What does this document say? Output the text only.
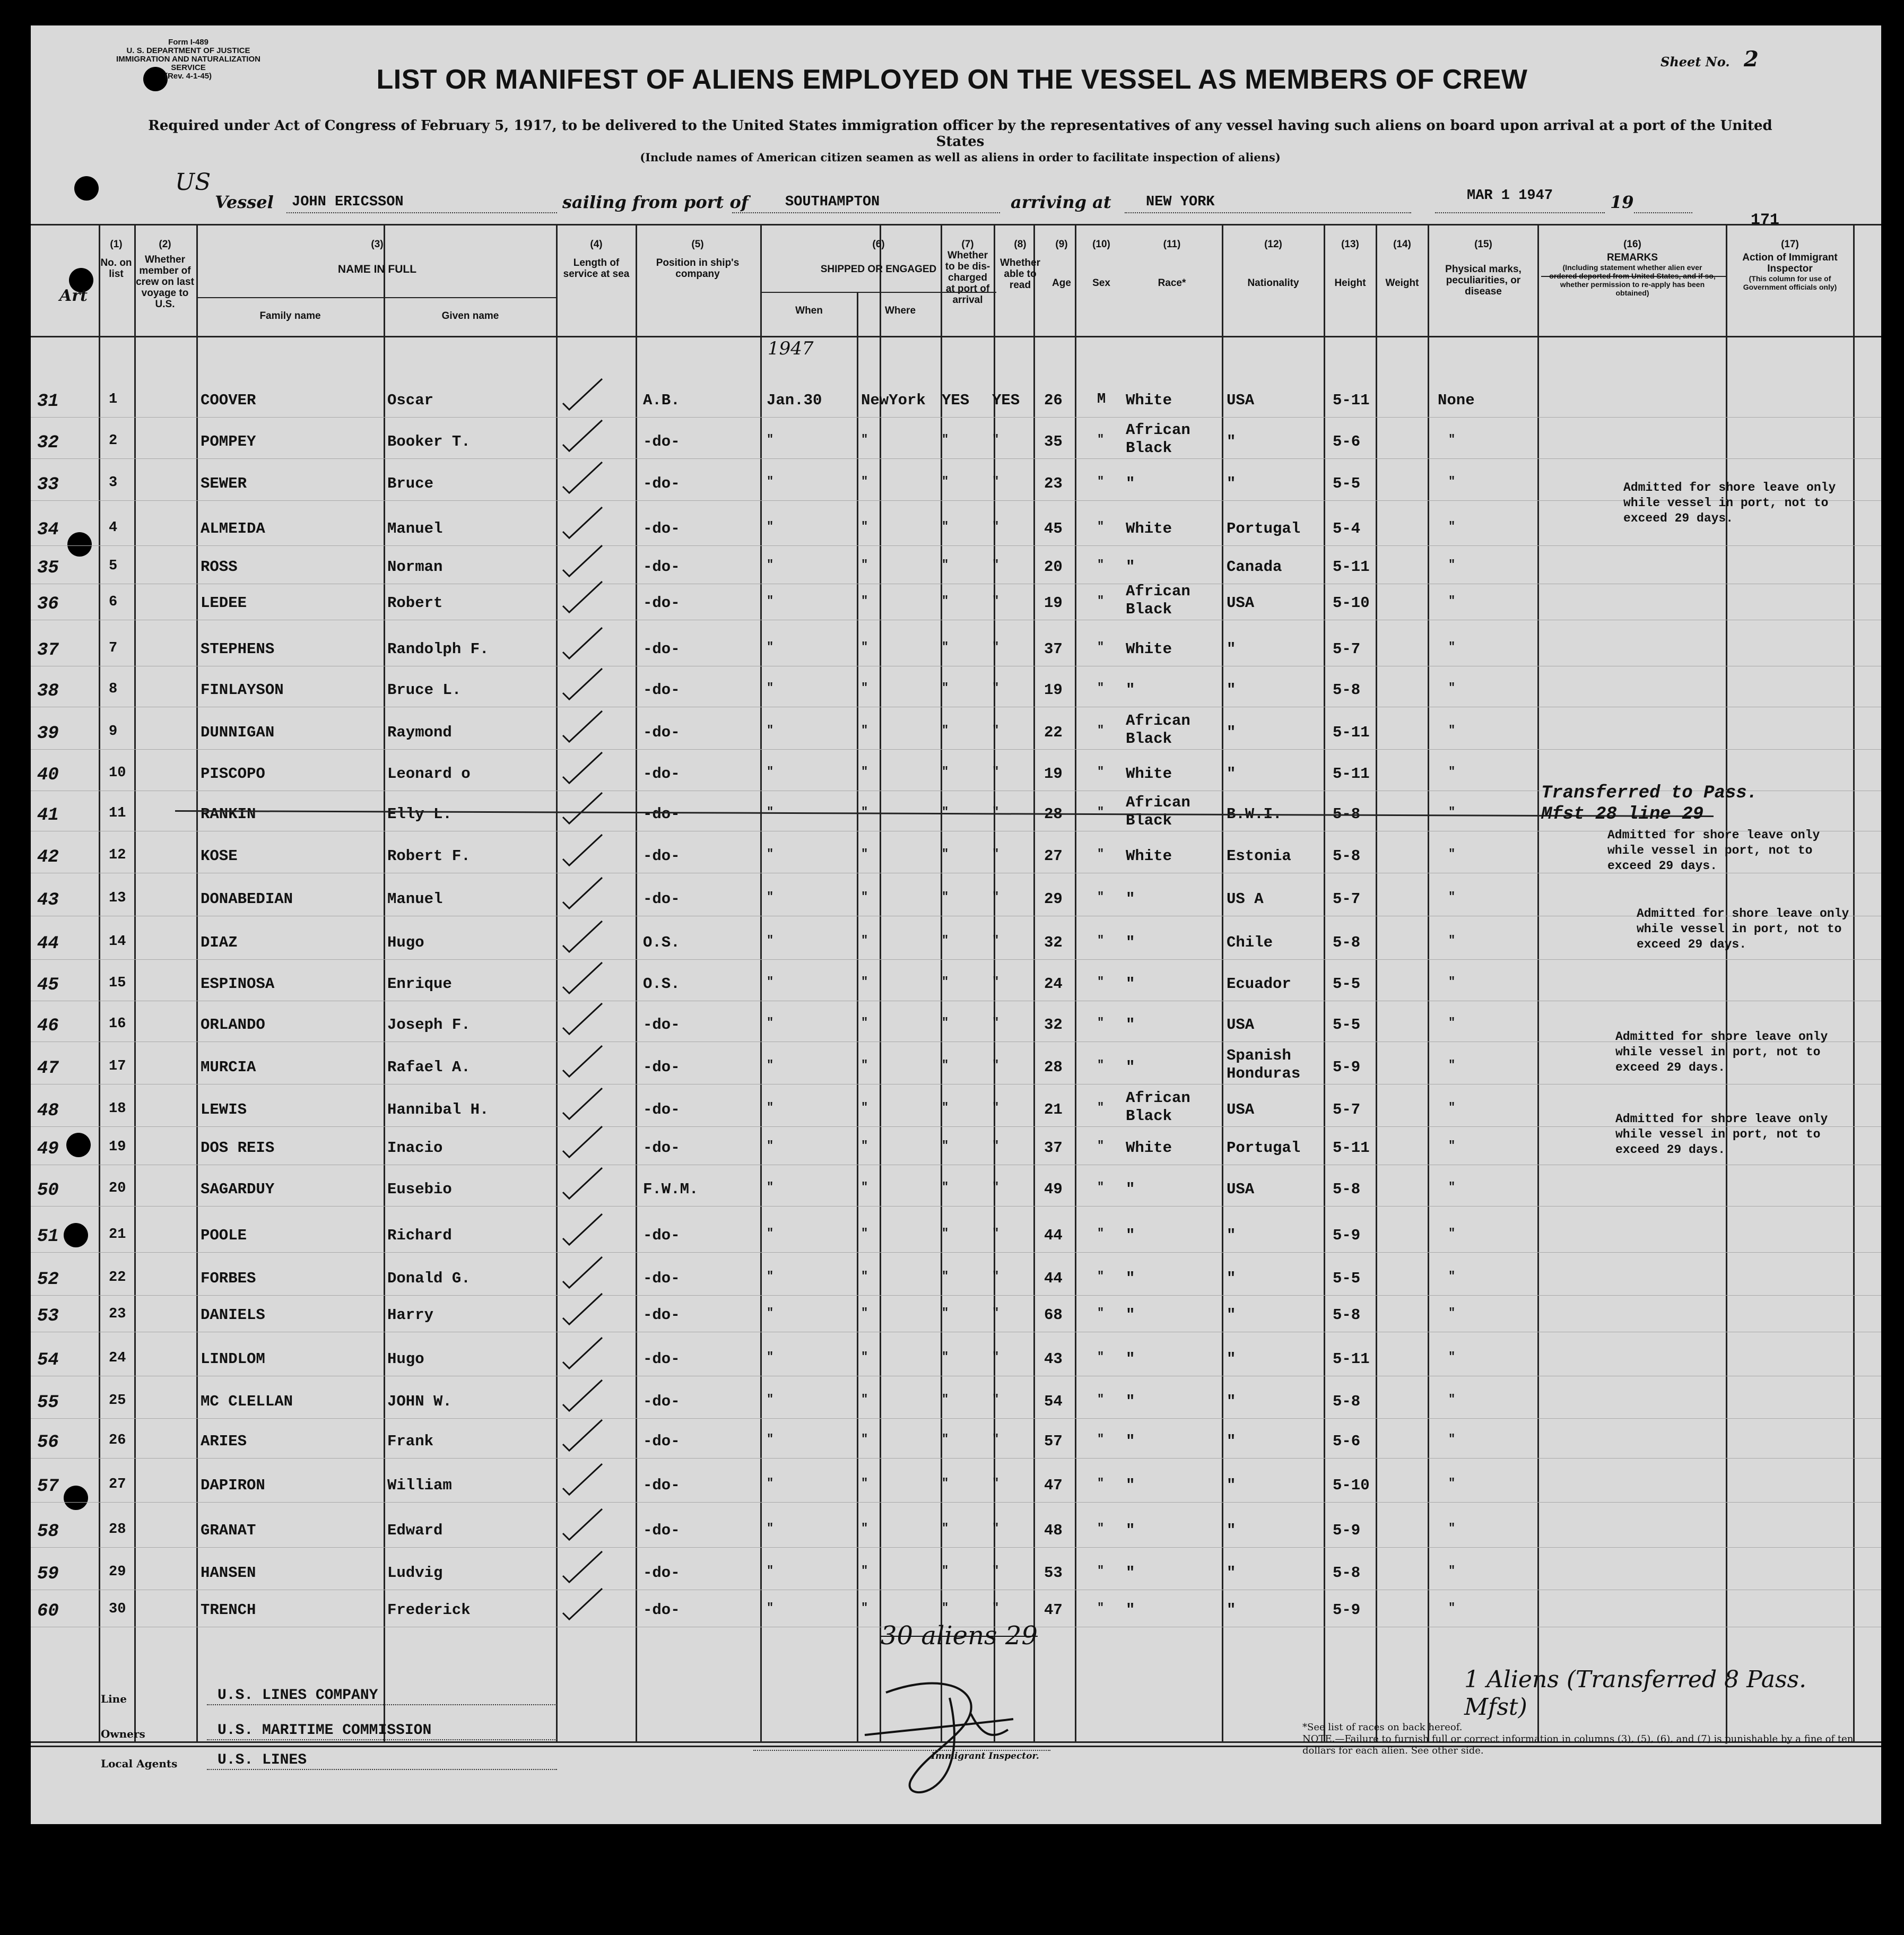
Form I-489
U. S. DEPARTMENT OF JUSTICE
IMMIGRATION AND NATURALIZATION SERVICE
(Rev. 4-1-45)
Sheet No. 2
LIST OR MANIFEST OF ALIENS EMPLOYED ON THE VESSEL AS MEMBERS OF CREW
Required under Act of Congress of February 5, 1917, to be delivered to the United States immigration officer by the representatives of any vessel having such aliens on board upon arrival at a port of the United States
(Include names of American citizen seamen as well as aliens in order to facilitate inspection of aliens)
US
Vessel JOHN ERICSSON	sailing from port of	SOUTHAMPTON	arriving at NEW YORK	MAR 1 1947	19
171
(1)
No. on list
(2)
Whether member of crew on last voyage to U.S.
(3)
NAME IN FULL
Family name	Given name
(4)
Length of service at sea
(5)
Position in ship's company
(6)
SHIPPED OR ENGAGED
When	Where
(7)
Whether to be dis-charged at port of arrival
(8)
Whether able to read
(9)
Age
(10)
Sex
(11)
Race*
(12)
Nationality
(13)
Height
(14)
Weight
(15)
Physical marks, peculiarities, or disease
(16)
REMARKS
(Including statement whether alien ever ordered deported from United States, and if so, whether permission to re-apply has been obtained)
(17)
Action of Immigrant Inspector
(This column for use of Government officials only)
Art
1947
31	1	COOVER	Oscar	A.B.	Jan.30	NewYork YES YES 26 M White	USA	5-11	None
32	2	POMPEY	Booker T.	-do-	"	"	"	"	35	"
African Black	"	5-6	"
33	3	SEWER	Bruce	-do-	"	"	"	"	23	" "	"	5-5	"
34	4	ALMEIDA	Manuel	-do-	"	"	"	"	45	" White	Portugal 5-4	"
35	5	ROSS	Norman	-do-	"	"	"	"	20	" "	Canada	5-11	"
36	6	LEDEE	Robert	-do-	"	"	"	"	19	"
African Black	USA	5-10	"
37	7	STEPHENS	Randolph F.	-do-	"	"	"	"	37	" White	"	5-7	"
38	8	FINLAYSON	Bruce L.	-do-	"	"	"	"	19	" "	"	5-8	"
39	9	DUNNIGAN	Raymond	-do-	"	"	"	"	22	"
African Black	"	5-11	"
40	10	PISCOPO	Leonard o	-do-	"	"	"	"	19	" White	"	5-11	"
41	11	RANKIN	Elly L.	-do-	"	"	"	"	28	"
African Black	B.W.I.	5-8	"
42	12	KOSE	Robert F.	-do-	"	"	"	"	27	" White	Estonia	5-8	"
43	13	DONABEDIAN	Manuel	-do-	"	"	"	"	29	" "	US A	5-7	"
44	14	DIAZ	Hugo	O.S.	"	"	"	"	32	" "	Chile	5-8	"
45	15	ESPINOSA	Enrique	O.S.	"	"	"	"	24	" "	Ecuador	5-5	"
46	16	ORLANDO	Joseph F.	-do-	"	"	"	"	32	" "	USA	5-5	"
47	17	MURCIA	Rafael A.	-do-	"	"	"	"	28	" "
Spanish Honduras	5-9	"
48	18	LEWIS	Hannibal H.	-do-	"	"	"	"	21	"
African Black	USA	5-7	"
49	19	DOS REIS	Inacio	-do-	"	"	"	"	37	" White	Portugal 5-11	"
50	20	SAGARDUY	Eusebio	F.W.M.	"	"	"	"	49	" "	USA	5-8	"
51	21	POOLE	Richard	-do-	"	"	"	"	44	" "	"	5-9	"
52	22	FORBES	Donald G.	-do-	"	"	"	"	44	" "	"	5-5	"
53	23	DANIELS	Harry	-do-	"	"	"	"	68	" "	"	5-8	"
54	24	LINDLOM	Hugo	-do-	"	"	"	"	43	" "	"	5-11	"
55	25	MC CLELLAN	JOHN W.	-do-	"	"	"	"	54	" "	"	5-8	"
56	26	ARIES	Frank	-do-	"	"	"	"	57	" "	"	5-6	"
57	27	DAPIRON	William	-do-	"	"	"	"	47	" "	"	5-10	"
58	28	GRANAT	Edward	-do-	"	"	"	"	48	" "	"	5-9	"
59	29	HANSEN	Ludvig	-do-	"	"	"	"	53	" "	"	5-8	"
60	30	TRENCH	Frederick	-do-	"	"	"	"	47	" "	"	5-9	"
Admitted for shore leave only
while vessel in port, not to
exceed 29 days.
Transferred to Pass.
Mfst 28 line 29
Admitted for shore leave only
while vessel in port, not to
exceed 29 days.
Admitted for shore leave only
while vessel in port, not to
exceed 29 days.
Admitted for shore leave only
while vessel in port, not to
exceed 29 days.
Admitted for shore leave only
while vessel in port, not to
exceed 29 days.
30 aliens 29
Line	U.S. LINES COMPANY
Owners	U.S. MARITIME COMMISSION
Local Agents	U.S. LINES	Immigrant Inspector.
1 Aliens (Transferred 8 Pass. Mfst)
*See list of races on back hereof.
NOTE.—Failure to furnish full or correct information in columns (3), (5), (6), and (7) is punishable by a fine of ten dollars for each alien. See other side.
